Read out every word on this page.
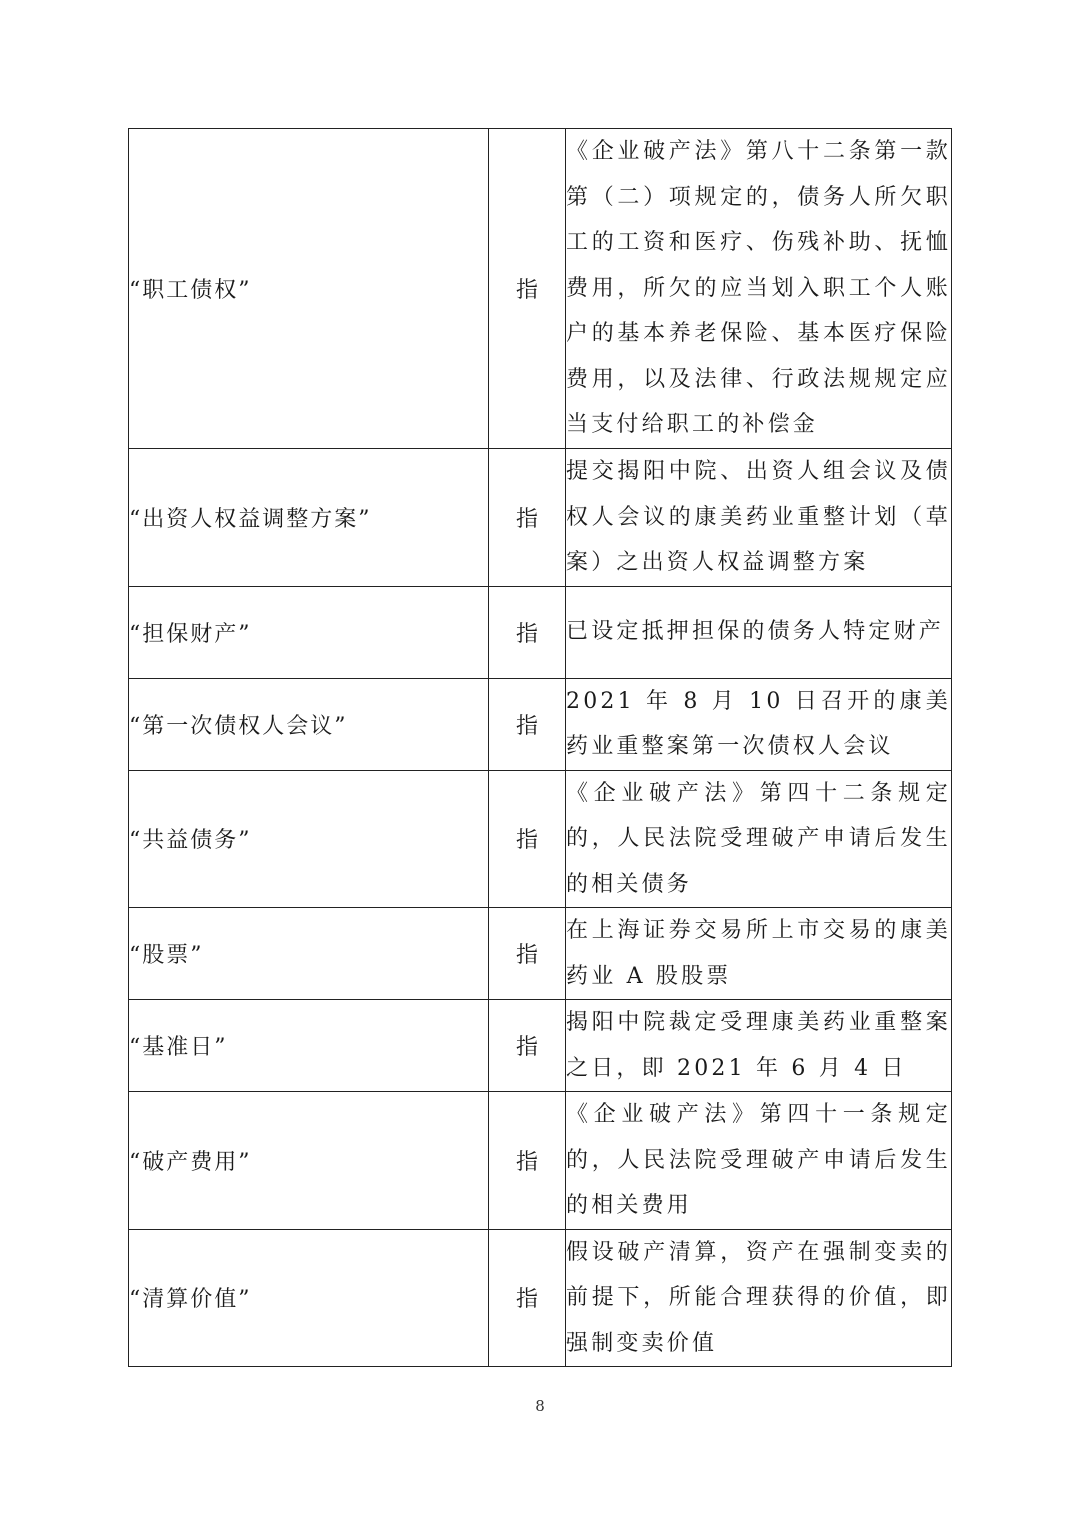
“职工债权”	指	《企业破产法》第八十二条第一款第（二）项规定的，债务人所欠职工的工资和医疗、伤残补助、抚恤费用，所欠的应当划入职工个人账户的基本养老保险、基本医疗保险费用，以及法律、行政法规规定应当支付给职工的补偿金
“出资人权益调整方案”	指	提交揭阳中院、出资人组会议及债权人会议的康美药业重整计划（草案）之出资人权益调整方案
“担保财产”	指	已设定抵押担保的债务人特定财产
“第一次债权人会议”	指	2021 年 8 月 10 日召开的康美药业重整案第一次债权人会议
“共益债务”	指	《企业破产法》第四十二条规定的，人民法院受理破产申请后发生的相关债务
“股票”	指	在上海证券交易所上市交易的康美药业 A 股股票
“基准日”	指	揭阳中院裁定受理康美药业重整案之日，即 2021 年 6 月 4 日
“破产费用”	指	《企业破产法》第四十一条规定的，人民法院受理破产申请后发生的相关费用
“清算价值”	指	假设破产清算，资产在强制变卖的前提下，所能合理获得的价值，即强制变卖价值
8
